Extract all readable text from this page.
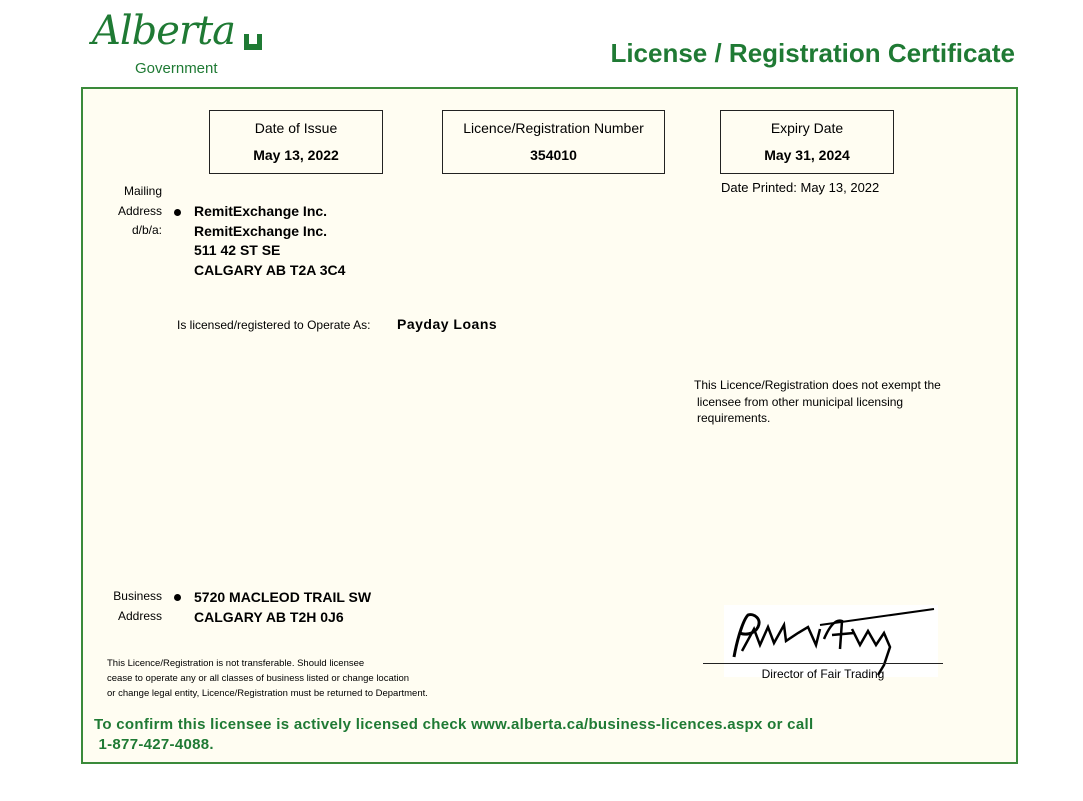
Alberta
Government
License / Registration Certificate
Date of Issue
May 13, 2022
Licence/Registration Number
354010
Expiry Date
May 31, 2024
Date Printed: May 13, 2022
Mailing
Address
d/b/a:
RemitExchange Inc.
RemitExchange Inc.
511 42 ST SE
CALGARY AB T2A 3C4
Is licensed/registered to Operate As: Payday Loans
This Licence/Registration does not exempt the
licensee from other municipal licensing
requirements.
Business
Address
5720 MACLEOD TRAIL SW
CALGARY AB T2H 0J6
This Licence/Registration is not transferable. Should licensee
cease to operate any or all classes of business listed or change location
or change legal entity, Licence/Registration must be returned to Department.
Director of Fair Trading
To confirm this licensee is actively licensed check www.alberta.ca/business-licences.aspx or call
1-877-427-4088.
